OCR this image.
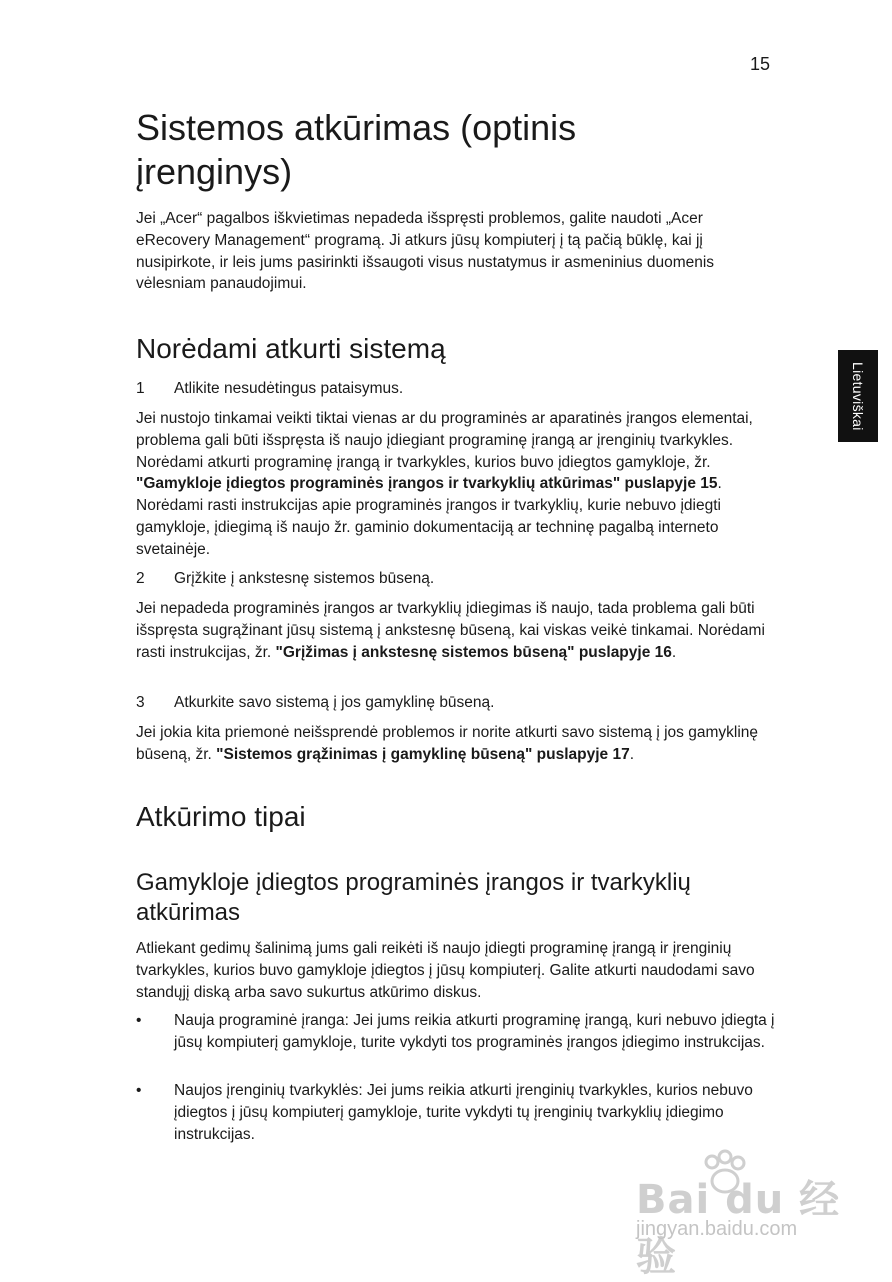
15
Lietuviškai
Sistemos atkūrimas (optinis
įrenginys)

Jei „Acer“ pagalbos iškvietimas nepadeda išspręsti problemos, galite naudoti „Acer eRecovery Management“ programą. Ji atkurs jūsų kompiuterį į tą pačią būklę, kai jį nusipirkote, ir leis jums pasirinkti išsaugoti visus nustatymus ir asmeninius duomenis vėlesniam panaudojimui.

Norėdami atkurti sistemą
1	Atlikite nesudėtingus pataisymus.

Jei nustojo tinkamai veikti tiktai vienas ar du programinės ar aparatinės įrangos elementai, problema gali būti išspręsta iš naujo įdiegiant programinę įrangą ar įrenginių tvarkykles. Norėdami atkurti programinę įrangą ir tvarkykles, kurios buvo įdiegtos gamykloje, žr. "Gamykloje įdiegtos programinės įrangos ir tvarkyklių atkūrimas" puslapyje 15. Norėdami rasti instrukcijas apie programinės įrangos ir tvarkyklių, kurie nebuvo įdiegti gamykloje, įdiegimą iš naujo žr. gaminio dokumentaciją ar techninę pagalbą interneto svetainėje.

2	Grįžkite į ankstesnę sistemos būseną.

Jei nepadeda programinės įrangos ar tvarkyklių įdiegimas iš naujo, tada problema gali būti išspręsta sugrąžinant jūsų sistemą į ankstesnę būseną, kai viskas veikė tinkamai. Norėdami rasti instrukcijas, žr. "Grįžimas į ankstesnę sistemos būseną" puslapyje 16.

3	Atkurkite savo sistemą į jos gamyklinę būseną.

Jei jokia kita priemonė neišsprendė problemos ir norite atkurti savo sistemą į jos gamyklinę būseną, žr. "Sistemos grąžinimas į gamyklinę būseną" puslapyje 17.

Atkūrimo tipai
Gamykloje įdiegtos programinės įrangos ir tvarkyklių atkūrimas

Atliekant gedimų šalinimą jums gali reikėti iš naujo įdiegti programinę įrangą ir įrenginių tvarkykles, kurios buvo gamykloje įdiegtos į jūsų kompiuterį. Galite atkurti naudodami savo standųjį diską arba savo sukurtus atkūrimo diskus.

• Nauja programinė įranga: Jei jums reikia atkurti programinę įrangą, kuri nebuvo įdiegta į jūsų kompiuterį gamykloje, turite vykdyti tos programinės įrangos įdiegimo instrukcijas.
• Naujos įrenginių tvarkyklės: Jei jums reikia atkurti įrenginių tvarkykles, kurios nebuvo įdiegtos į jūsų kompiuterį gamykloje, turite vykdyti tų įrenginių tvarkyklių įdiegimo instrukcijas.
Bai du 经验
jingyan.baidu.com
